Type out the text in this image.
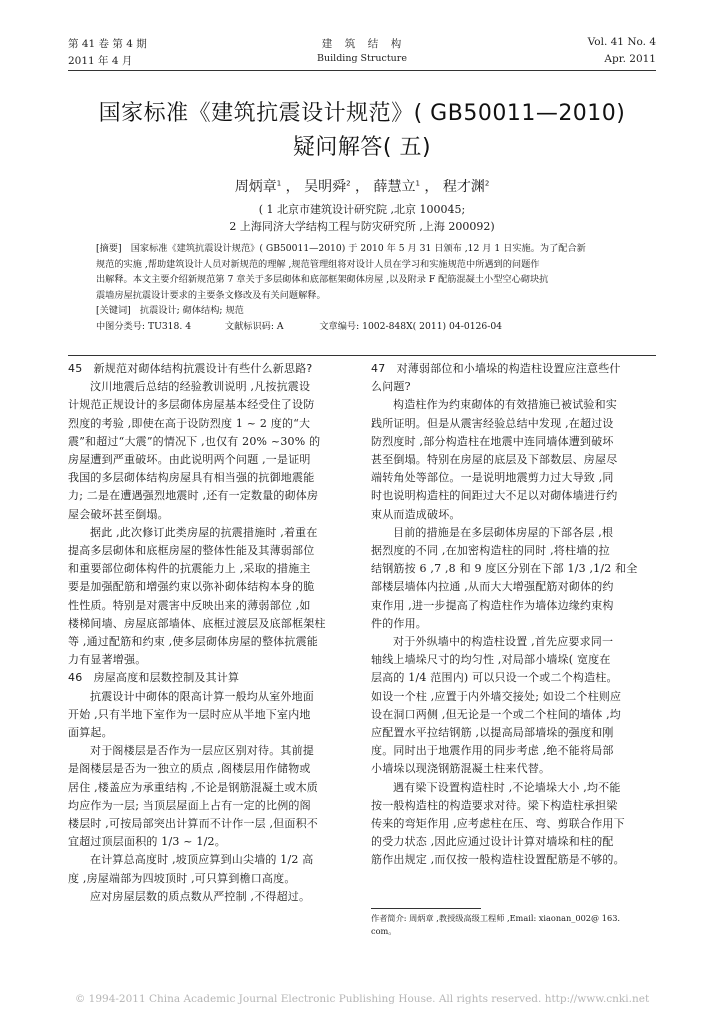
第 41 卷 第 4 期
2011 年 4 月
建　筑　结　构
Building Structure
Vol. 41 No. 4
Apr. 2011
国家标准《建筑抗震设计规范》( GB50011—2010)
疑问解答( 五)
周炳章$^1$ ， 吴明舜$^2$ ， 薛慧立$^1$ ， 程才渊$^2$
( 1 北京市建筑设计研究院 ,北京 100045;
2 上海同济大学结构工程与防灾研究所 ,上海 200092)

[摘要]　国家标准《建筑抗震设计规范》( GB50011—2010) 于 2010 年 5 月 31 日颁布 ,12 月 1 日实施。为了配合新

规范的实施 ,帮助建筑设计人员对新规范的理解 ,规范管理组将对设计人员在学习和实施规范中所遇到的问题作

出解释。本文主要介绍新规范第 7 章关于多层砌体和底部框架砌体房屋 ,以及附录 F 配筋混凝土小型空心砌块抗

震墙房屋抗震设计要求的主要条文修改及有关问题解释。

[关键词]　抗震设计; 砌体结构; 规范

中图分类号: TU318. 4	文献标识码: A	文章编号: 1002-848X( 2011) 04-0126-04

45　新规范对砌体结构抗震设计有些什么新思路?

汶川地震后总结的经验教训说明 ,凡按抗震设

计规范正规设计的多层砌体房屋基本经受住了设防

烈度的考验 ,即使在高于设防烈度 1 ~ 2 度的“大

震”和超过“大震”的情况下 ,也仅有 20% ~30% 的

房屋遭到严重破坏。由此说明两个问题 ,一是证明

我国的多层砌体结构房屋具有相当强的抗御地震能

力; 二是在遭遇强烈地震时 ,还有一定数量的砌体房

屋会破坏甚至倒塌。

据此 ,此次修订此类房屋的抗震措施时 ,着重在

提高多层砌体和底框房屋的整体性能及其薄弱部位

和重要部位砌体构件的抗震能力上 ,采取的措施主

要是加强配筋和增强约束以弥补砌体结构本身的脆

性性质。特别是对震害中反映出来的薄弱部位 ,如

楼梯间墙、房屋底部墙体、底框过渡层及底部框架柱

等 ,通过配筋和约束 ,使多层砌体房屋的整体抗震能

力有显著增强。

46　房屋高度和层数控制及其计算

抗震设计中砌体的限高计算一般均从室外地面

开始 ,只有半地下室作为一层时应从半地下室内地

面算起。

对于阁楼层是否作为一层应区别对待。其前提

是阁楼层是否为一独立的质点 ,阁楼层用作储物或

居住 ,楼盖应为承重结构 ,不论是钢筋混凝土或木质

均应作为一层; 当顶层屋面上占有一定的比例的阁

楼层时 ,可按局部突出计算而不计作一层 ,但面积不

宜超过顶层面积的 1/3 ~ 1/2。

在计算总高度时 ,坡顶应算到山尖墙的 1/2 高

度 ,房屋端部为四坡顶时 ,可只算到檐口高度。

应对房屋层数的质点数从严控制 ,不得超过。

47　对薄弱部位和小墙垛的构造柱设置应注意些什

么问题?

构造柱作为约束砌体的有效措施已被试验和实

践所证明。但是从震害经验总结中发现 ,在超过设

防烈度时 ,部分构造柱在地震中连同墙体遭到破坏

甚至倒塌。特别在房屋的底层及下部数层、房屋尽

端转角处等部位。一是说明地震剪力过大导致 ,同

时也说明构造柱的间距过大不足以对砌体墙进行约

束从而造成破坏。

目前的措施是在多层砌体房屋的下部各层 ,根

据烈度的不同 ,在加密构造柱的同时 ,将柱墙的拉

结钢筋按 6 ,7 ,8 和 9 度区分别在下部 1/3 ,1/2 和全

部楼层墙体内拉通 ,从而大大增强配筋对砌体的约

束作用 ,进一步提高了构造柱作为墙体边缘约束构

件的作用。

对于外纵墙中的构造柱设置 ,首先应要求同一

轴线上墙垛尺寸的均匀性 ,对局部小墙垛( 宽度在

层高的 1/4 范围内) 可以只设一个或二个构造柱。

如设一个柱 ,应置于内外墙交接处; 如设二个柱则应

设在洞口两侧 ,但无论是一个或二个柱间的墙体 ,均

应配置水平拉结钢筋 ,以提高局部墙垛的强度和刚

度。同时出于地震作用的同步考虑 ,绝不能将局部

小墙垛以现浇钢筋混凝土柱来代替。

遇有梁下设置构造柱时 ,不论墙垛大小 ,均不能

按一般构造柱的构造要求对待。梁下构造柱承担梁

传来的弯矩作用 ,应考虑柱在压、弯、剪联合作用下

的受力状态 ,因此应通过设计计算对墙垛和柱的配

筋作出规定 ,而仅按一般构造柱设置配筋是不够的。

作者简介: 周炳章 ,教授级高级工程师 ,Email: xiaonan_002@ 163.

com。

© 1994-2011 China Academic Journal Electronic Publishing House. All rights reserved. http://www.cnki.net
